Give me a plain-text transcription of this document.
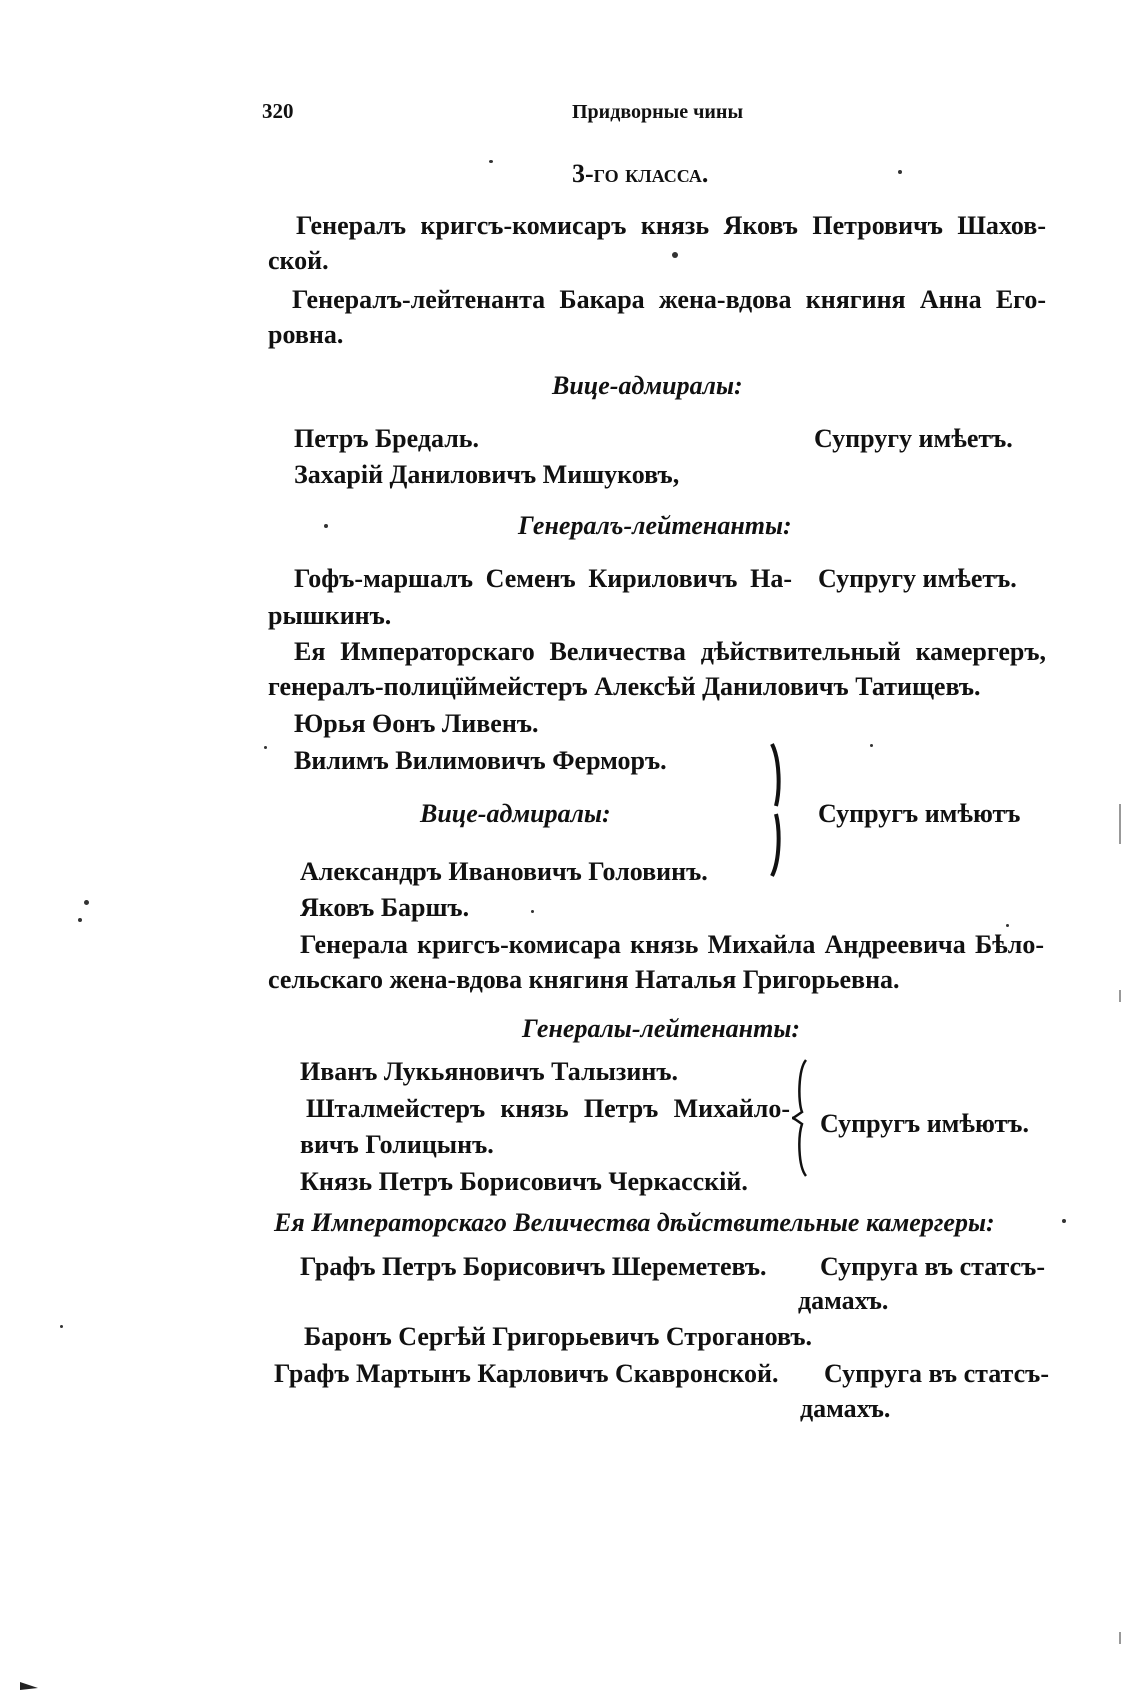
320	Придворные чины
3-го класса.
Генералъ кригсъ-комисаръ князь Яковъ Петровичъ Шахов-
ской.
Генералъ-лейтенанта Бакара жена-вдова княгиня Анна Его-
ровна.
Вице-адмиралы:
Петръ Бредаль.	Супругу имѣетъ.
Захарій Даниловичъ Мишуковъ,
Генералъ-лейтенанты:
Гофъ-маршалъ Семенъ Кириловичъ На- Супругу имѣетъ.
рышкинъ.
Ея Императорскаго Величества дѣйствительный камергеръ,
генералъ-полицїймейстеръ Алексѣй Даниловичъ Татищевъ.
Юрья Өонъ Ливенъ.
Вилимъ Вилимовичъ Ферморъ.
Вице-адмиралы:	Супругъ имѣютъ
Александръ Ивановичъ Головинъ.
Яковъ Баршъ.
Генерала кригсъ-комисара князь Михайла Андреевича Бѣло-
сельскаго жена-вдова княгиня Наталья Григорьевна.
Генералы-лейтенанты:
Иванъ Лукьяновичъ Талызинъ.
Шталмейстеръ князь Петръ Михайло-
вичъ Голицынъ.
Князь Петръ Борисовичъ Черкасскій.
Супругъ имѣютъ.
Ея Императорскаго Величества дѣйствительные камергеры:
Графъ Петръ Борисовичъ Шереметевъ. Супруга въ статсъ-
дамахъ.
Баронъ Сергѣй Григорьевичъ Строгановъ.
Графъ Мартынъ Карловичъ Скавронской. Супруга въ статсъ-
дамахъ.
